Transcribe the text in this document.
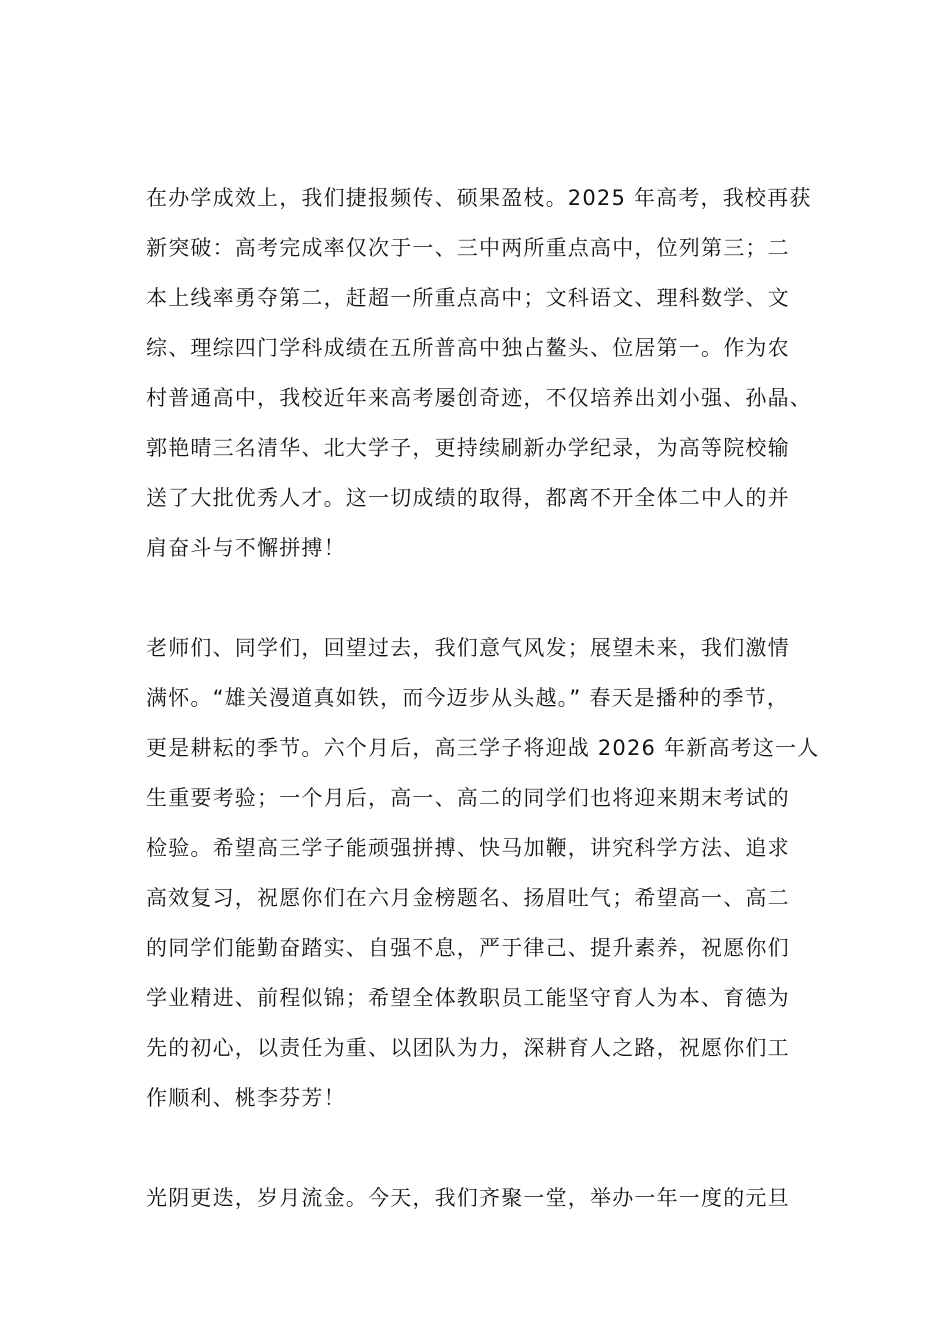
在办学成效上，我们捷报频传、硕果盈枝。2025 年高考，我校再获
新突破：高考完成率仅次于一、三中两所重点高中，位列第三；二
本上线率勇夺第二，赶超一所重点高中；文科语文、理科数学、文
综、理综四门学科成绩在五所普高中独占鳌头、位居第一。作为农
村普通高中，我校近年来高考屡创奇迹，不仅培养出刘小强、孙晶、
郭艳晴三名清华、北大学子，更持续刷新办学纪录，为高等院校输
送了大批优秀人才。这一切成绩的取得，都离不开全体二中人的并
肩奋斗与不懈拼搏！
老师们、同学们，回望过去，我们意气风发；展望未来，我们激情
满怀。“雄关漫道真如铁，而今迈步从头越。” 春天是播种的季节，
更是耕耘的季节。六个月后，高三学子将迎战 2026 年新高考这一人
生重要考验；一个月后，高一、高二的同学们也将迎来期末考试的
检验。希望高三学子能顽强拼搏、快马加鞭，讲究科学方法、追求
高效复习，祝愿你们在六月金榜题名、扬眉吐气；希望高一、高二
的同学们能勤奋踏实、自强不息，严于律己、提升素养，祝愿你们
学业精进、前程似锦；希望全体教职员工能坚守育人为本、育德为
先的初心，以责任为重、以团队为力，深耕育人之路，祝愿你们工
作顺利、桃李芬芳！
光阴更迭，岁月流金。今天，我们齐聚一堂，举办一年一度的元旦
